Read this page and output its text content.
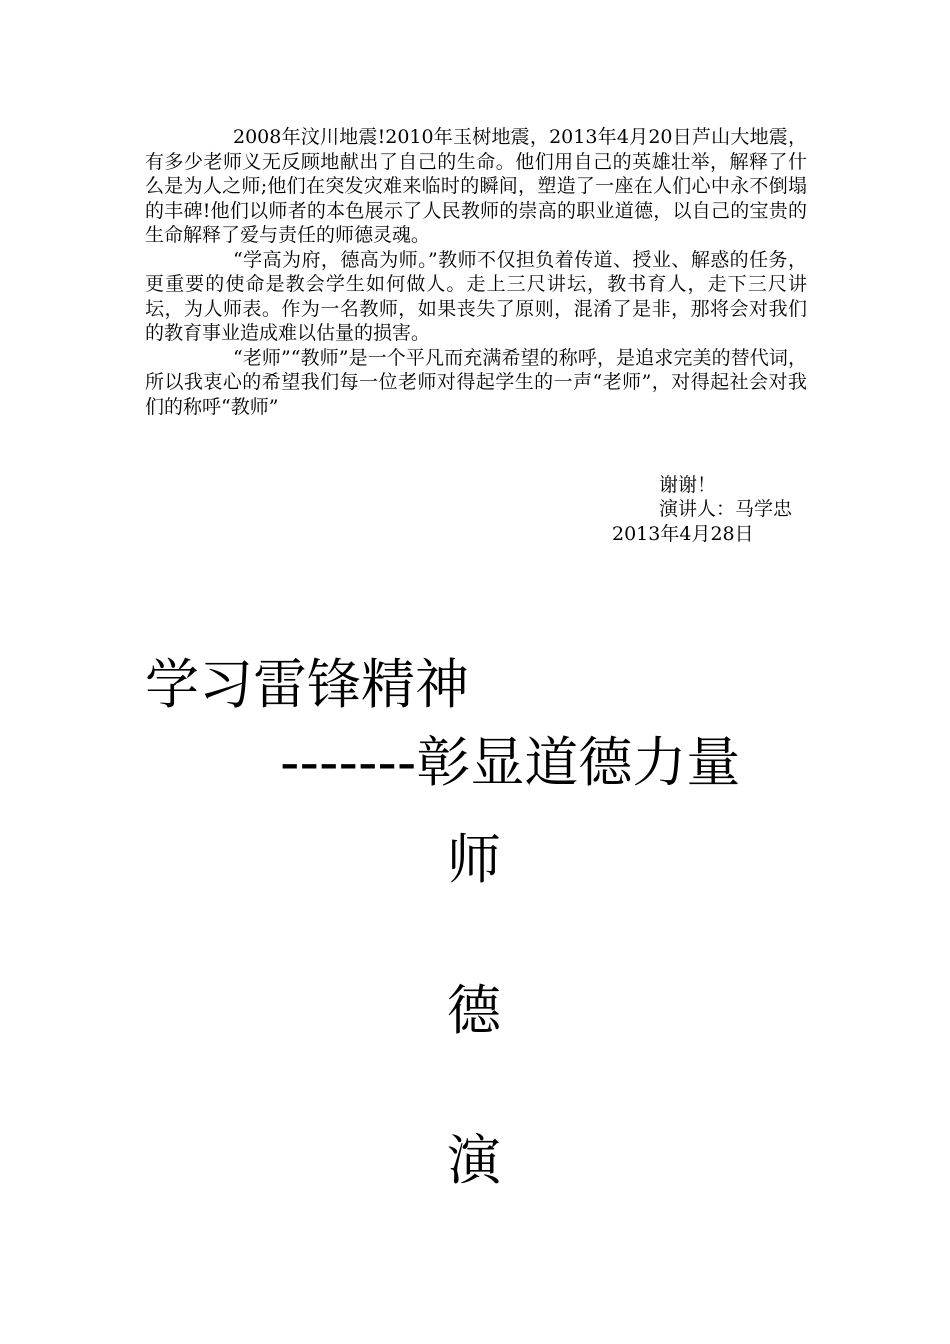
2008年汶川地震!2010年玉树地震，2013年4月20日芦山大地震，有多少老师义无反顾地献出了自己的生命。他们用自己的英雄壮举，解释了什么是为人之师;他们在突发灾难来临时的瞬间，塑造了一座在人们心中永不倒塌的丰碑!他们以师者的本色展示了人民教师的崇高的职业道德，以自己的宝贵的生命解释了爱与责任的师德灵魂。

“学高为府，德高为师。”教师不仅担负着传道、授业、解惑的任务，更重要的使命是教会学生如何做人。走上三尺讲坛，教书育人，走下三尺讲坛，为人师表。作为一名教师，如果丧失了原则，混淆了是非，那将会对我们的教育事业造成难以估量的损害。

“老师”“教师”是一个平凡而充满希望的称呼，是追求完美的替代词，所以我衷心的希望我们每一位老师对得起学生的一声“老师”，对得起社会对我们的称呼“教师”

谢谢！
演讲人：马学忠
2013年4月28日
学习雷锋精神
-------彰显道德力量
师
德
演
